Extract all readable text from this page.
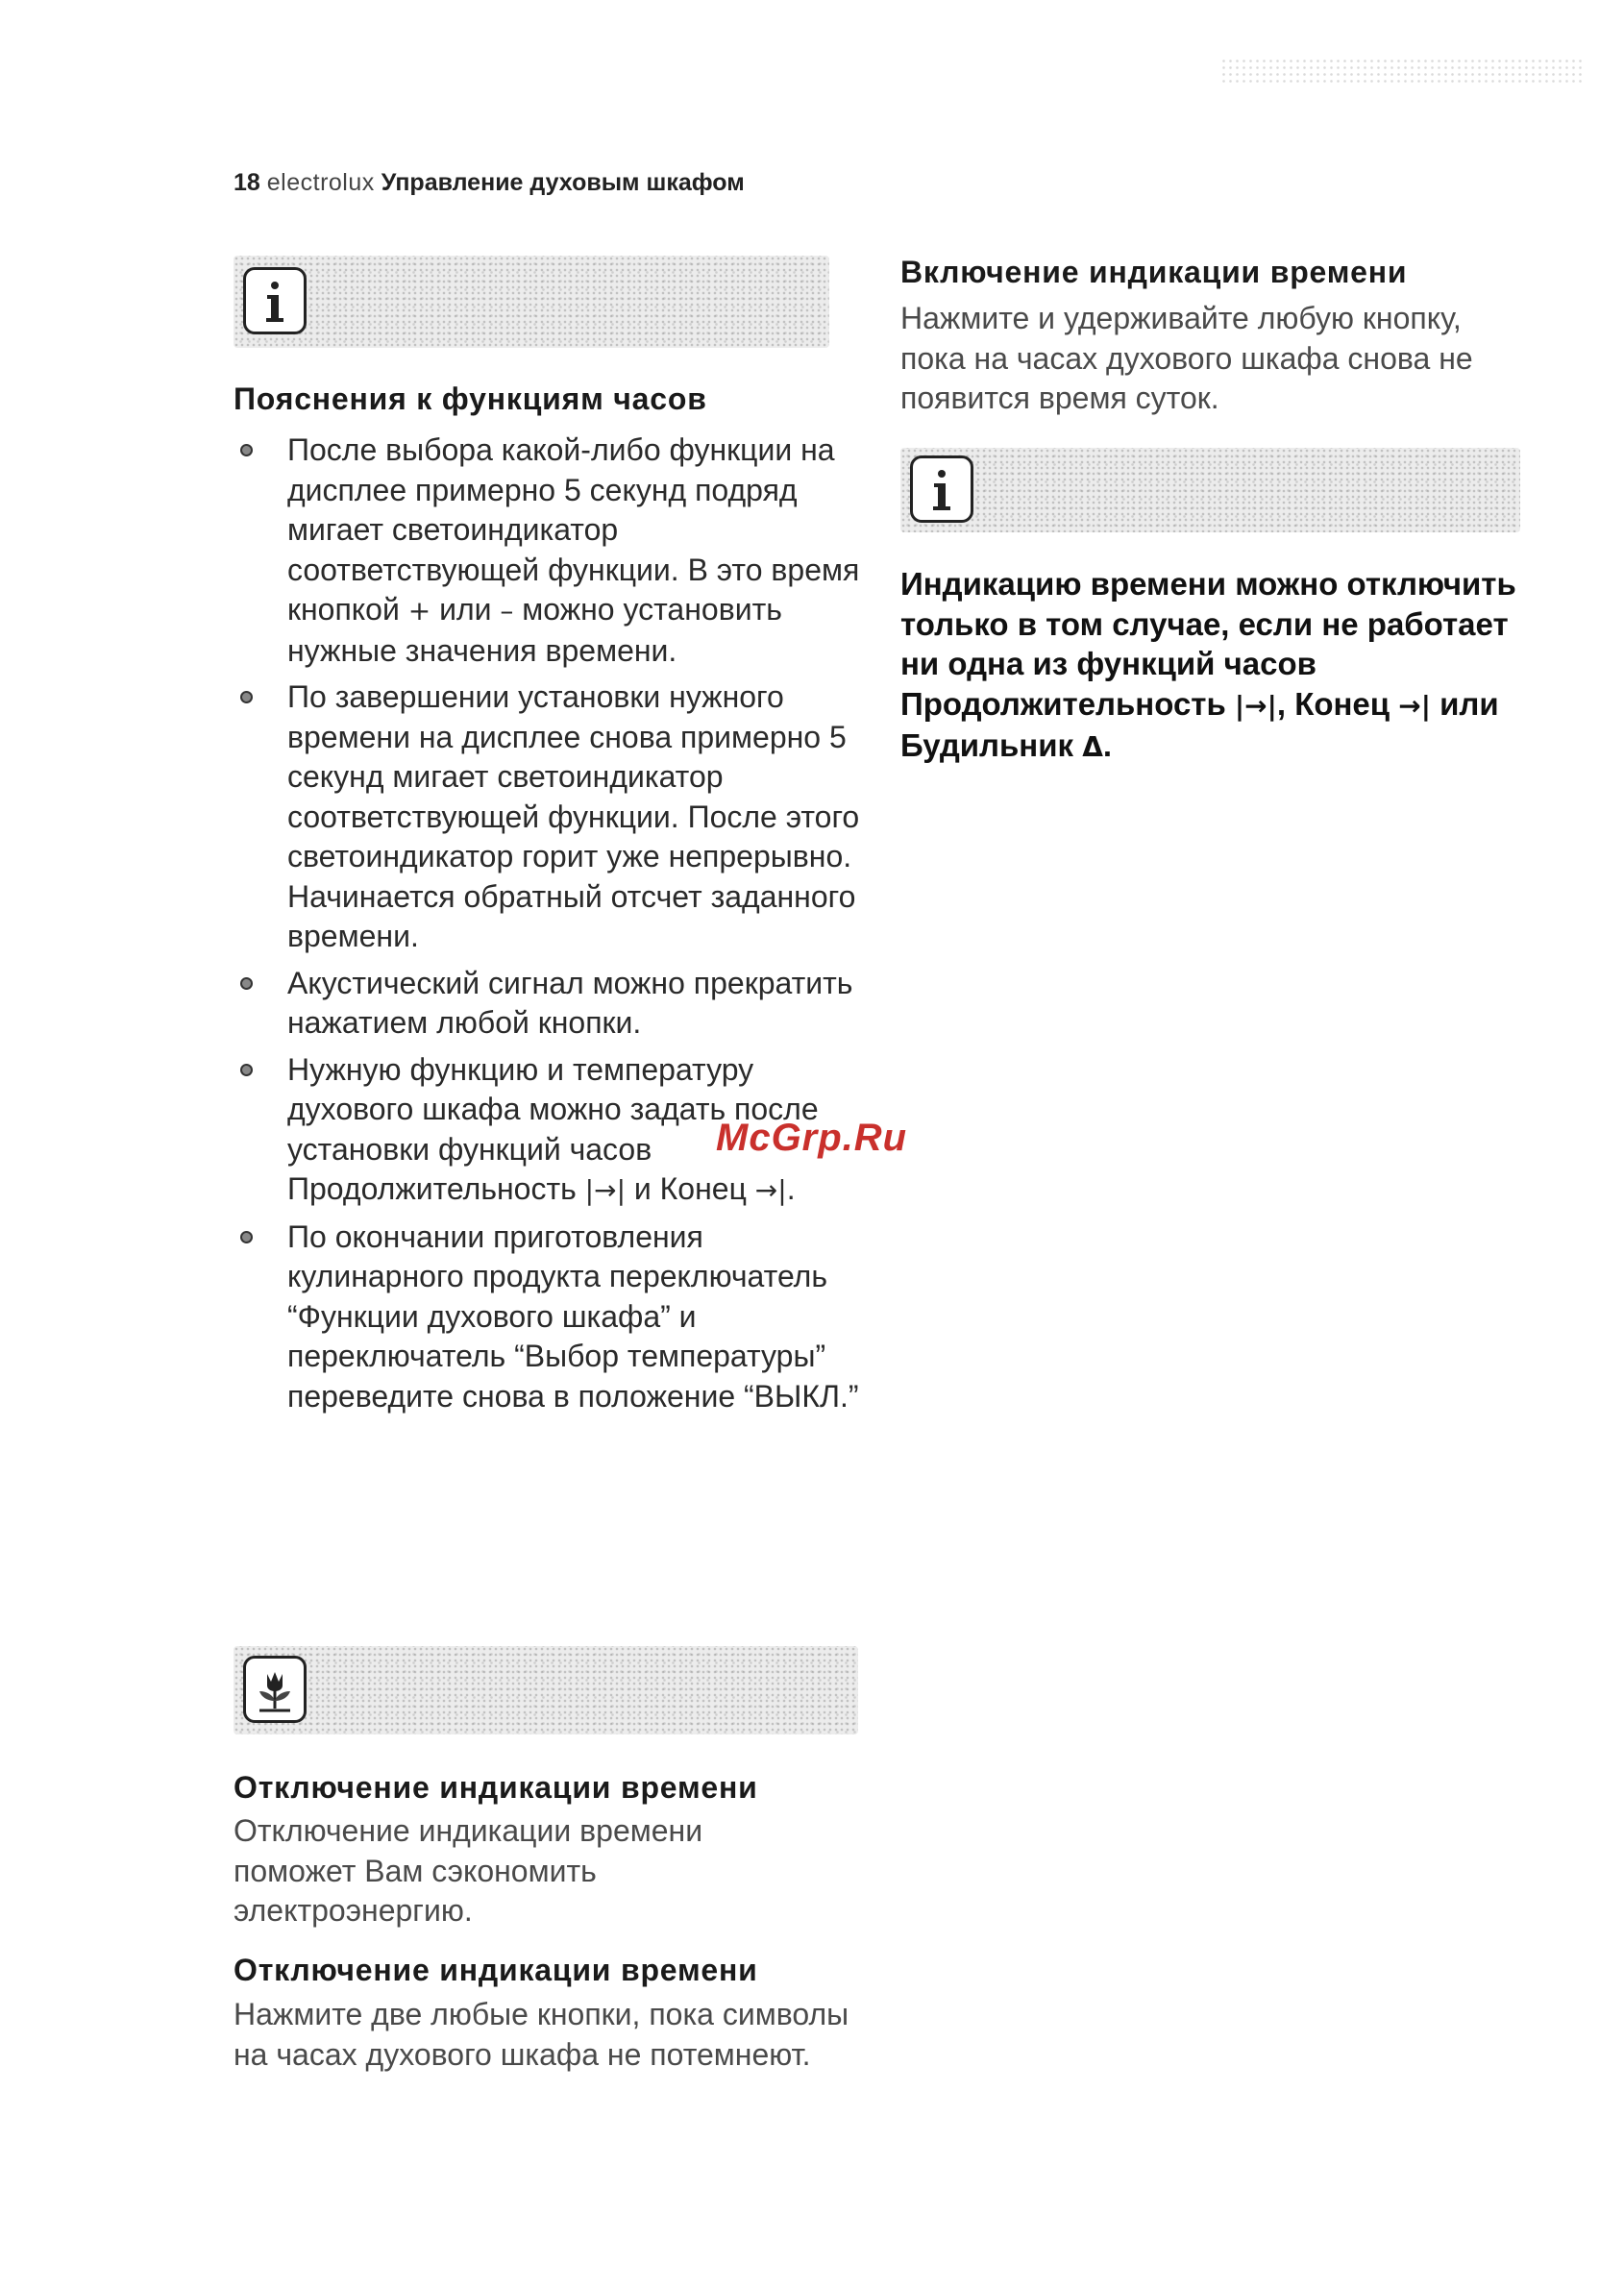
18 electrolux Управление духовым шкафом
Пояснения к функциям часов
После выбора какой-либо функции на дисплее примерно 5 секунд подряд мигает светоиндикатор соответствующей функции. В это время кнопкой + или – можно установить нужные значения времени.
По завершении установки нужного времени на дисплее снова примерно 5 секунд мигает светоиндикатор соответствующей функции. После этого светоиндикатор горит уже непрерывно. Начинается обратный отсчет заданного времени.
Акустический сигнал можно прекратить нажатием любой кнопки.
Нужную функцию и температуру духового шкафа можно задать после установки функций часов Продолжительность |→| и Конец →|.
По окончании приготовления кулинарного продукта переключатель “Функции духового шкафа” и переключатель “Выбор температуры” переведите снова в положение “ВЫКЛ.”
Отключение индикации времени
Отключение индикации времени поможет Вам сэкономить электроэнергию.
Отключение индикации времени
Нажмите две любые кнопки, пока символы на часах духового шкафа не потемнеют.
Включение индикации времени
Нажмите и удерживайте любую кнопку, пока на часах духового шкафа снова не появится время суток.
Индикацию времени можно отключить только в том случае, если не работает ни одна из функций часов Продолжительность |→|, Конец →| или Будильник Δ.
McGrp.Ru
